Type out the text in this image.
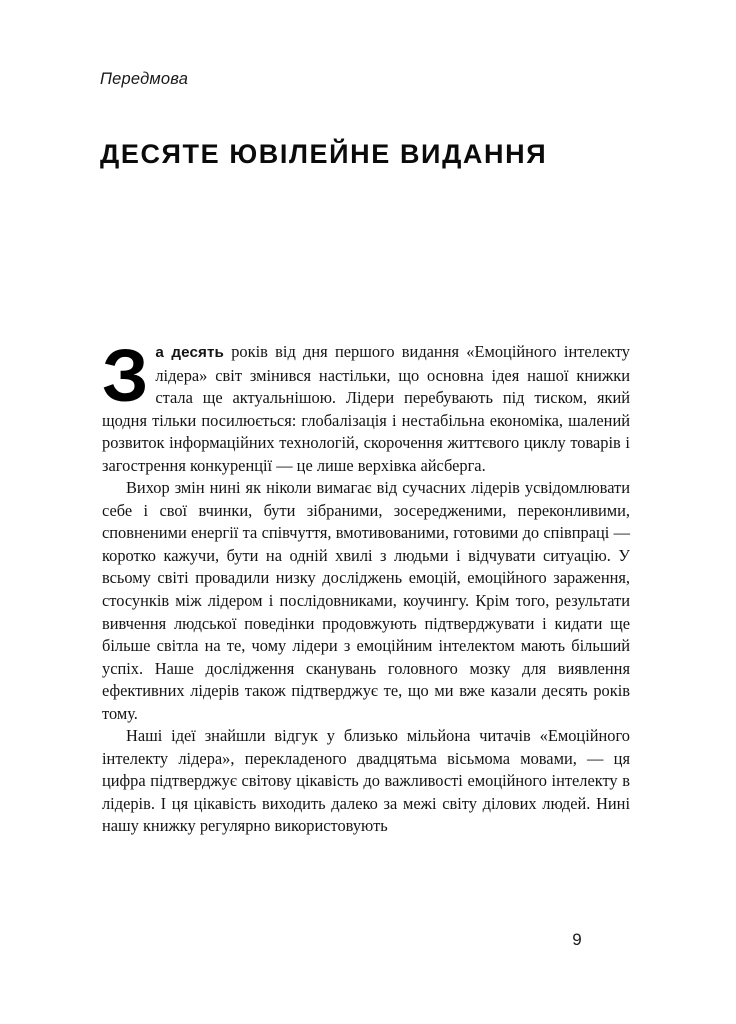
Передмова
ДЕСЯТЕ ЮВІЛЕЙНЕ ВИДАННЯ

За десять років від дня першого видання «Емоційного інтелекту лідера» світ змінився настільки, що основна ідея нашої книжки стала ще актуальнішою. Лідери перебувають під тиском, який щодня тільки посилюється: глобалізація і нестабільна економіка, шалений розвиток інформаційних технологій, скорочення життєвого циклу товарів і загострення конкуренції — це лише верхівка айсберга.

Вихор змін нині як ніколи вимагає від сучасних лідерів усвідомлювати себе і свої вчинки, бути зібраними, зосередженими, переконливими, сповненими енергії та співчуття, вмотивованими, готовими до співпраці — коротко кажучи, бути на одній хвилі з людьми і відчувати ситуацію. У всьому світі провадили низку досліджень емоцій, емоційного зараження, стосунків між лідером і послідовниками, коучингу. Крім того, результати вивчення людської поведінки продовжують підтверджувати і кидати ще більше світла на те, чому лідери з емоційним інтелектом мають більший успіх. Наше дослідження сканувань головного мозку для виявлення ефективних лідерів також підтверджує те, що ми вже казали десять років тому.

Наші ідеї знайшли відгук у близько мільйона читачів «Емоційного інтелекту лідера», перекладеного двадцятьма вісьмома мовами, — ця цифра підтверджує світову цікавість до важливості емоційного інтелекту в лідерів. І ця цікавість виходить далеко за межі світу ділових людей. Нині нашу книжку регулярно використовують

9
